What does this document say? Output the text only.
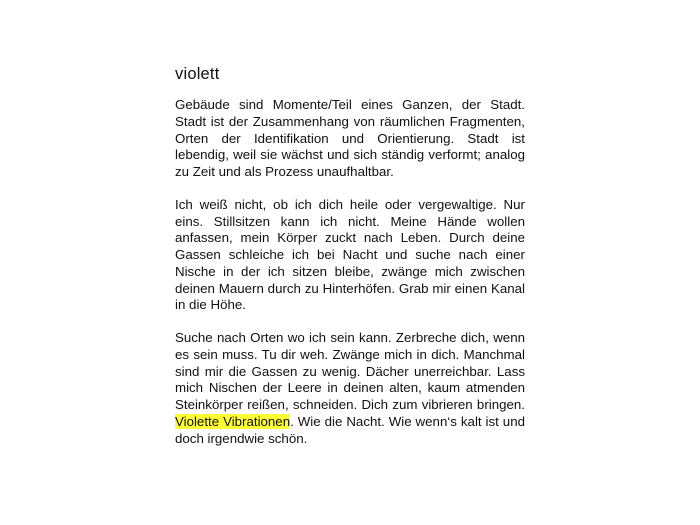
violett

Gebäude sind Momente/Teil eines Ganzen, der Stadt. Stadt ist der Zusammenhang von räumlichen Fragmenten, Orten der Identifikation und Orientierung. Stadt ist lebendig, weil sie wächst und sich ständig verformt; analog zu Zeit und als Prozess unaufhaltbar.

Ich weiß nicht, ob ich dich heile oder vergewaltige. Nur eins. Stillsitzen kann ich nicht. Meine Hände wollen anfassen, mein Körper zuckt nach Leben. Durch deine Gassen schleiche ich bei Nacht und suche nach einer Nische in der ich sitzen bleibe, zwänge mich zwischen deinen Mauern durch zu Hinterhöfen. Grab mir einen Kanal in die Höhe.

Suche nach Orten wo ich sein kann. Zerbreche dich, wenn es sein muss. Tu dir weh. Zwänge mich in dich. Manchmal sind mir die Gassen zu wenig. Dächer unerreichbar. Lass mich Nischen der Leere in deinen alten, kaum atmenden Steinkörper reißen, schneiden. Dich zum vibrieren bringen. Violette Vibrationen. Wie die Nacht. Wie wenn‘s kalt ist und doch irgendwie schön.
